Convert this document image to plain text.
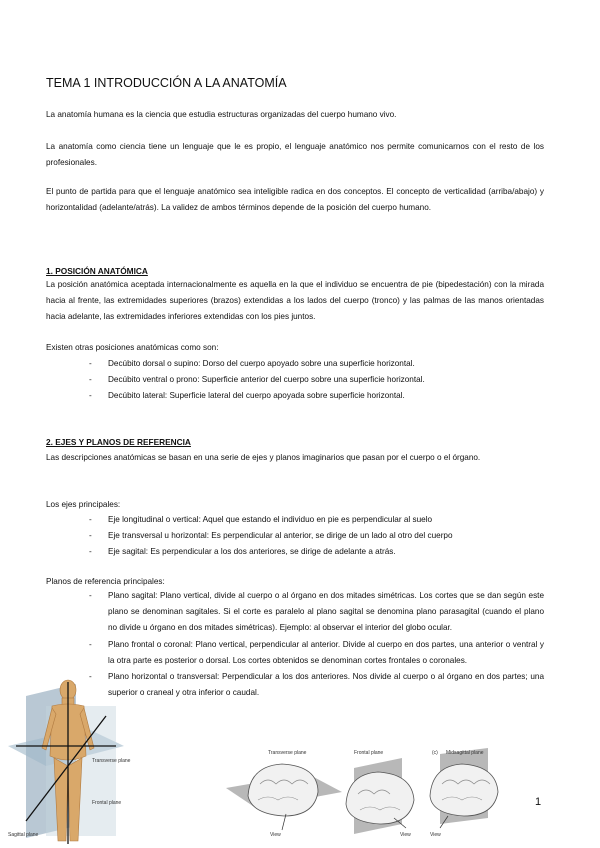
TEMA 1 INTRODUCCIÓN A LA ANATOMÍA

La anatomía humana es la ciencia que estudia estructuras organizadas del cuerpo humano vivo.

La anatomía como ciencia tiene un lenguaje que le es propio, el lenguaje anatómico nos permite comunicarnos con el resto de los profesionales.

El punto de partida para que el lenguaje anatómico sea inteligible radica en dos conceptos. El concepto de verticalidad (arriba/abajo) y horizontalidad (adelante/atrás). La validez de ambos términos depende de la posición del cuerpo humano.

1. POSICIÓN ANATÓMICA

La posición anatómica aceptada internacionalmente es aquella en la que el individuo se encuentra de pie (bipedestación) con la mirada hacia al frente, las extremidades superiores (brazos) extendidas a los lados del cuerpo (tronco) y las palmas de las manos orientadas hacia adelante, las extremidades inferiores extendidas con los pies juntos.

Existen otras posiciones anatómicas como son:

- Decúbito dorsal o supino: Dorso del cuerpo apoyado sobre una superficie horizontal.
- Decúbito ventral o prono: Superficie anterior del cuerpo sobre una superficie horizontal.
- Decúbito lateral: Superficie lateral del cuerpo apoyada sobre superficie horizontal.
2. EJES Y PLANOS DE REFERENCIA

Las descripciones anatómicas se basan en una serie de ejes y planos imaginarios que pasan por el cuerpo o el órgano.

Los ejes principales:

- Eje longitudinal o vertical: Aquel que estando el individuo en pie es perpendicular al suelo
- Eje transversal u horizontal: Es perpendicular al anterior, se dirige de un lado al otro del cuerpo
- Eje sagital: Es perpendicular a los dos anteriores, se dirige de adelante a atrás.

Planos de referencia principales:

- Plano sagital: Plano vertical, divide al cuerpo o al órgano en dos mitades simétricas. Los cortes que se dan según este plano se denominan sagitales. Si el corte es paralelo al plano sagital se denomina plano parasagital (cuando el plano no divide u órgano en dos mitades simétricas). Ejemplo: al observar el interior del globo ocular.
- Plano frontal o coronal: Plano vertical, perpendicular al anterior. Divide al cuerpo en dos partes, una anterior o ventral y la otra parte es posterior o dorsal. Los cortes obtenidos se denominan cortes frontales o coronales.
- Plano horizontal o transversal: Perpendicular a los dos anteriores. Nos divide al cuerpo o al órgano en dos partes; una superior o craneal y otra inferior o caudal.
Transverse plane
Frontal plane
Sagittal plane
Transverse plane
View
Frontal plane
View
(c) Midsagittal plane
View
1
